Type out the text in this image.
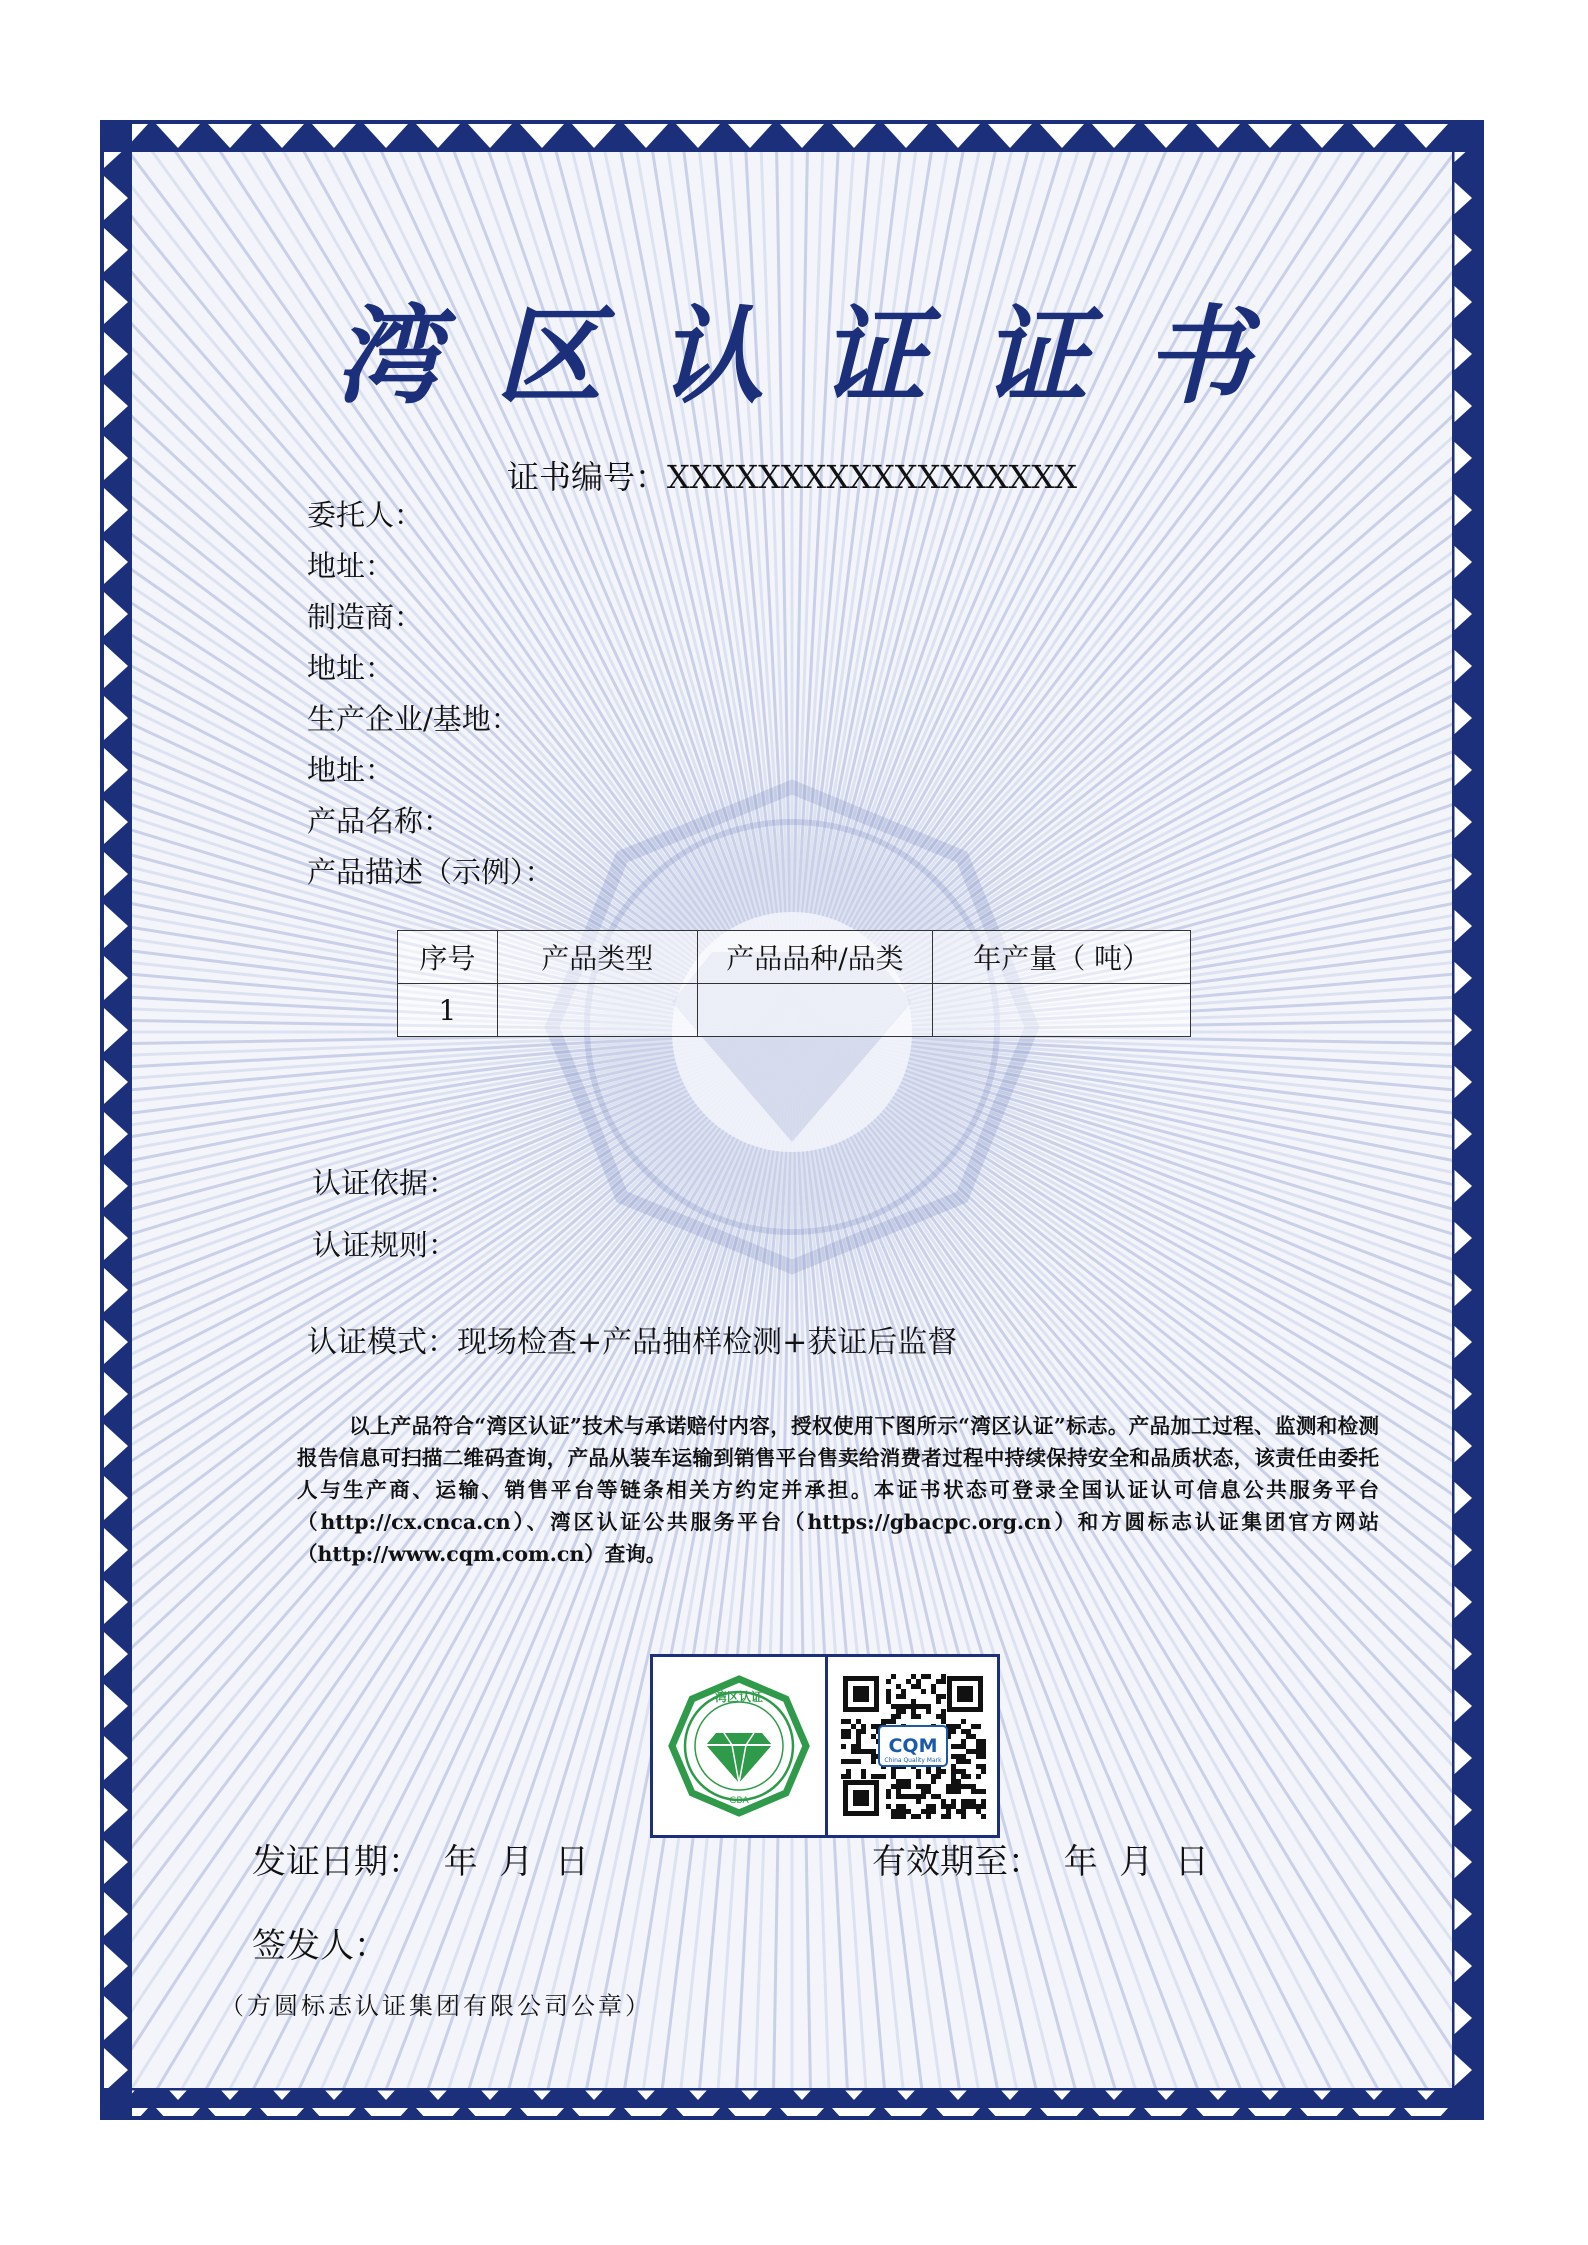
湾区认证证书
证书编号：XXXXXXXXXXXXXXXXXX
委托人：
地址：
制造商：
地址：
生产企业/基地：
地址：
产品名称：
产品描述（示例）：
序号	产品类型	产品品种/品类	年产量（ 吨）
1			
认证依据：
认证规则：
认证模式：现场检查+产品抽样检测+获证后监督
以上产品符合“湾区认证”技术与承诺赔付内容，授权使用下图所示“湾区认证”标志。产品加工过程、监测和检测报告信息可扫描二维码查询，产品从装车运输到销售平台售卖给消费者过程中持续保持安全和品质状态，该责任由委托人与生产商、运输、销售平台等链条相关方约定并承担。本证书状态可登录全国认证认可信息公共服务平台（http://cx.cnca.cn）、湾区认证公共服务平台（https://gbacpc.org.cn）和方圆标志认证集团官方网站（http://www.cqm.com.cn）查询。
湾区认证
GBA
CQM
China Quality Mark
发证日期： 年  月  日	有效期至： 年  月  日
签发人：
（方圆标志认证集团有限公司公章）
